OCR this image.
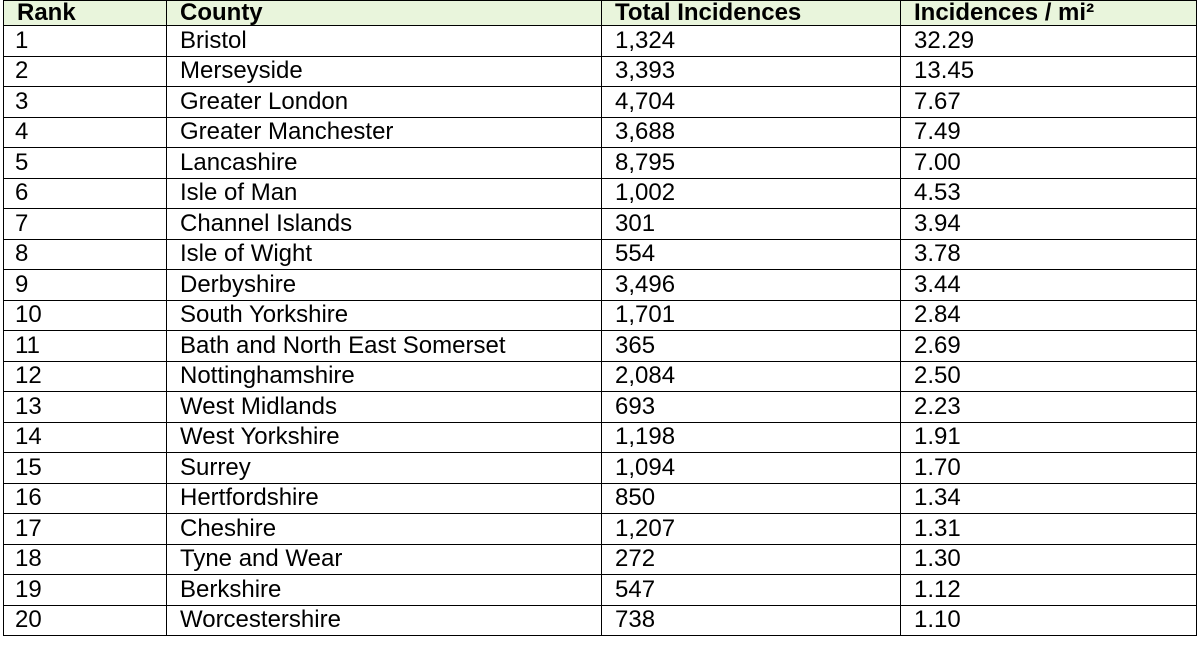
Rank	County	Total Incidences	Incidences / mi²
1	Bristol	1,324	32.29
2	Merseyside	3,393	13.45
3	Greater London	4,704	7.67
4	Greater Manchester	3,688	7.49
5	Lancashire	8,795	7.00
6	Isle of Man	1,002	4.53
7	Channel Islands	301	3.94
8	Isle of Wight	554	3.78
9	Derbyshire	3,496	3.44
10	South Yorkshire	1,701	2.84
11	Bath and North East Somerset	365	2.69
12	Nottinghamshire	2,084	2.50
13	West Midlands	693	2.23
14	West Yorkshire	1,198	1.91
15	Surrey	1,094	1.70
16	Hertfordshire	850	1.34
17	Cheshire	1,207	1.31
18	Tyne and Wear	272	1.30
19	Berkshire	547	1.12
20	Worcestershire	738	1.10
